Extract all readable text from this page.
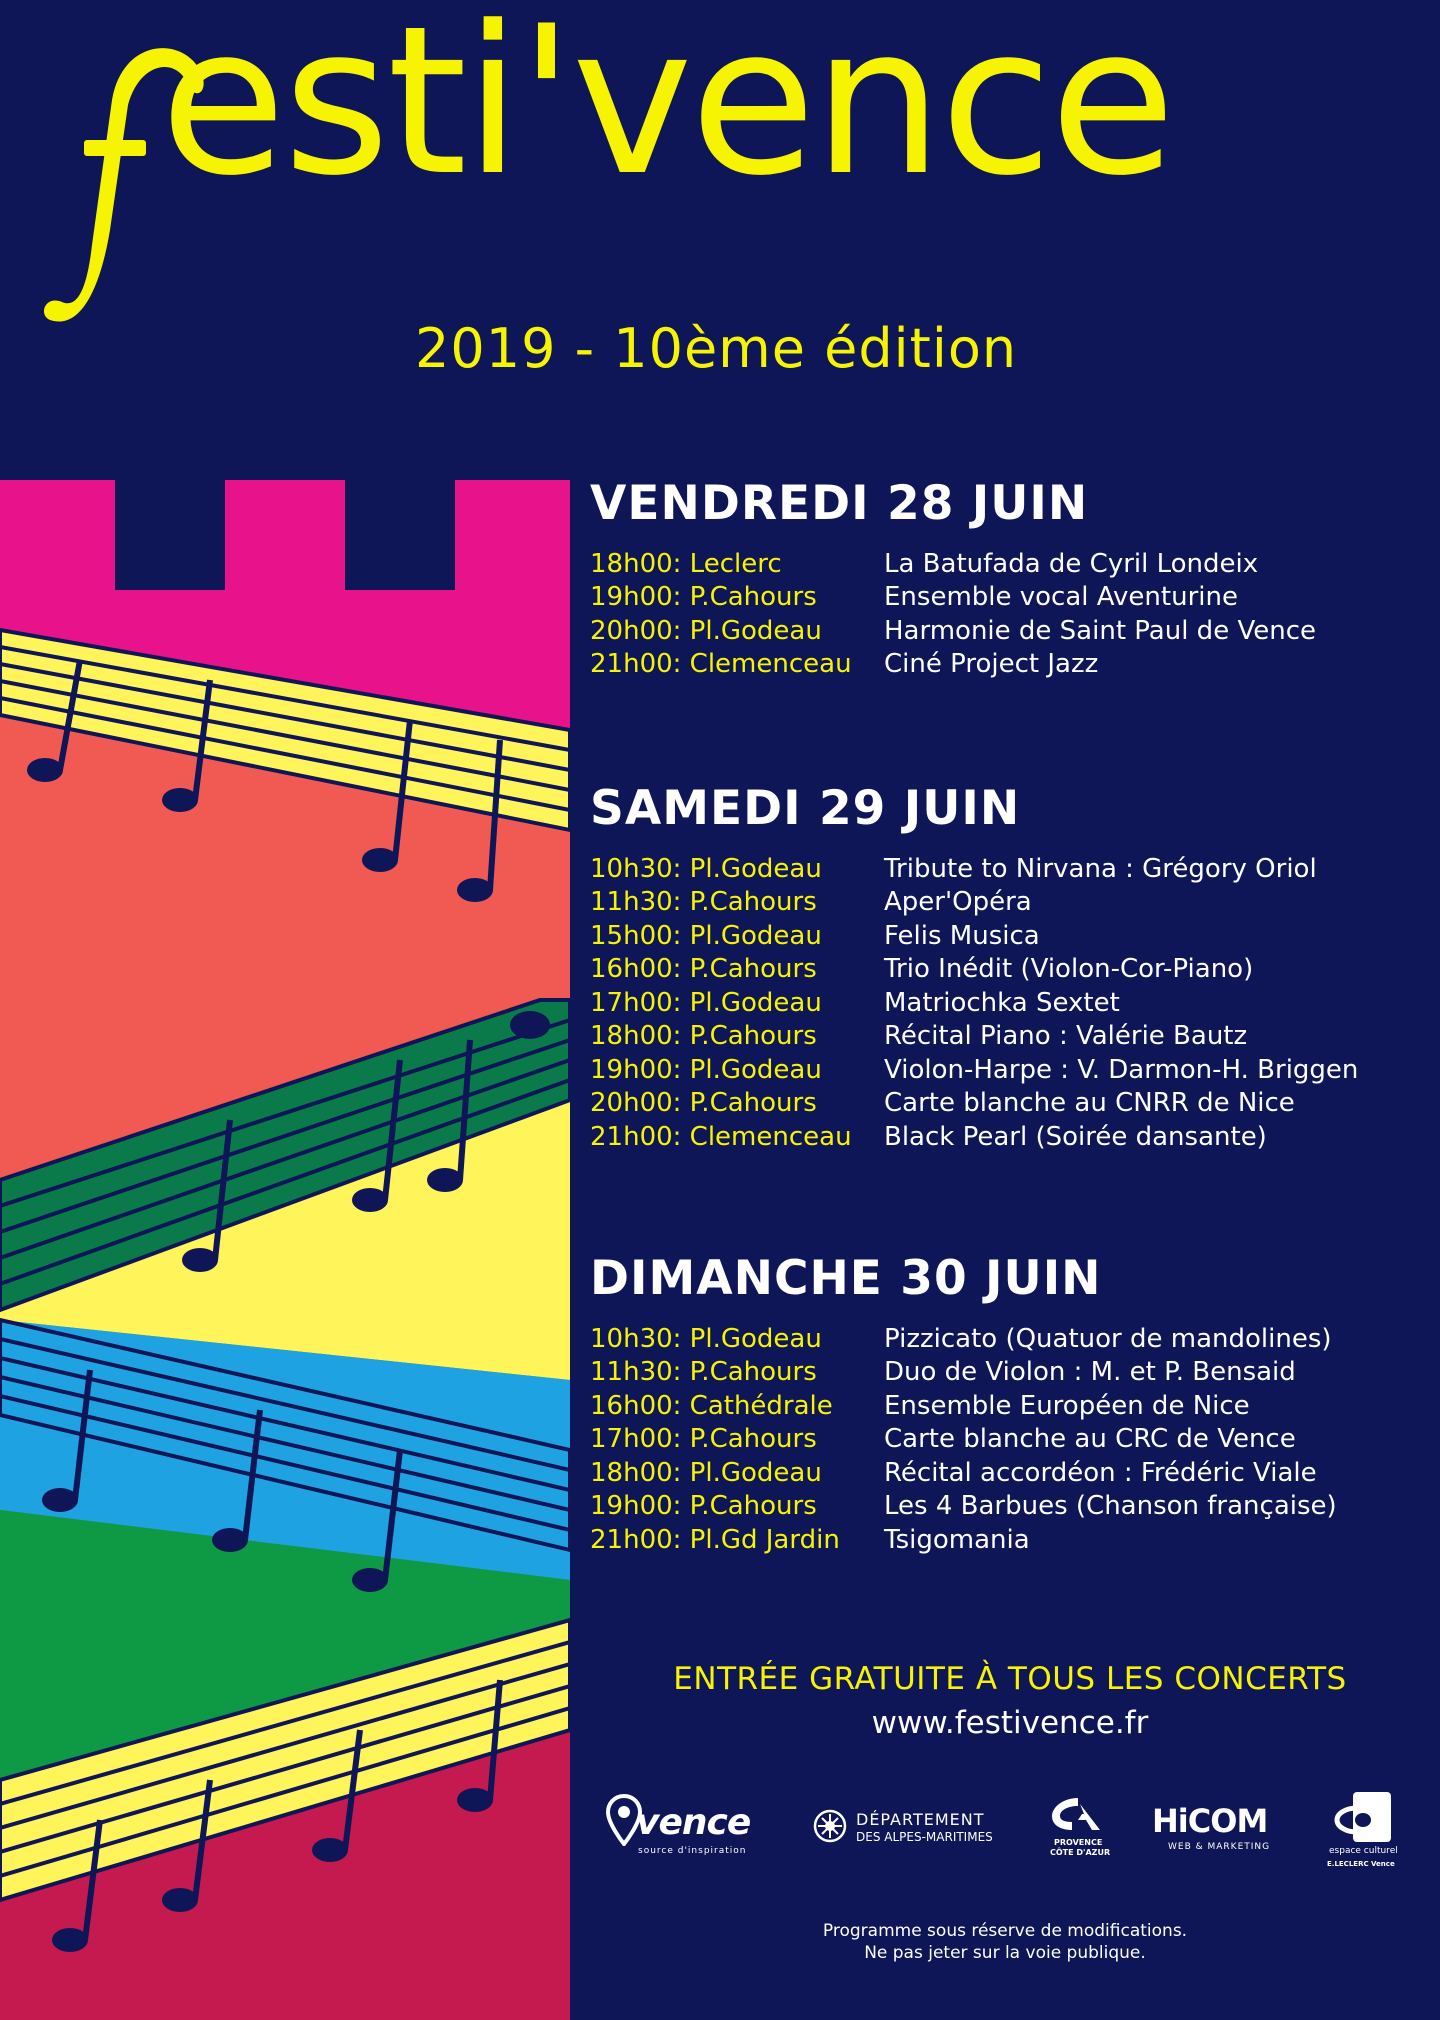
esti'vence
2019 - 10ème édition
VENDREDI 28 JUIN
18h00: Leclerc	La Batufada de Cyril Londeix
19h00: P.Cahours	Ensemble vocal Aventurine
20h00: Pl.Godeau	Harmonie de Saint Paul de Vence
21h00: Clemenceau	Ciné Project Jazz
SAMEDI 29 JUIN
10h30: Pl.Godeau	Tribute to Nirvana : Grégory Oriol
11h30: P.Cahours	Aper'Opéra
15h00: Pl.Godeau	Felis Musica
16h00: P.Cahours	Trio Inédit (Violon-Cor-Piano)
17h00: Pl.Godeau	Matriochka Sextet
18h00: P.Cahours	Récital Piano : Valérie Bautz
19h00: Pl.Godeau	Violon-Harpe : V. Darmon-H. Briggen
20h00: P.Cahours	Carte blanche au CNRR de Nice
21h00: Clemenceau	Black Pearl (Soirée dansante)
DIMANCHE 30 JUIN
10h30: Pl.Godeau	Pizzicato (Quatuor de mandolines)
11h30: P.Cahours	Duo de Violon : M. et P. Bensaid
16h00: Cathédrale	Ensemble Européen de Nice
17h00: P.Cahours	Carte blanche au CRC de Vence
18h00: Pl.Godeau	Récital accordéon : Frédéric Viale
19h00: P.Cahours	Les 4 Barbues (Chanson française)
21h00: Pl.Gd Jardin	Tsigomania
ENTRÉE GRATUITE À TOUS LES CONCERTS
www.festivence.fr
vence
source d'inspiration
DÉPARTEMENT
DES ALPES-MARITIMES	PROVENCE
CÔTE D'AZUR
HiCOM
WEB & MARKETING	espace culturel
E.LECLERC Vence
Programme sous réserve de modifications.
Ne pas jeter sur la voie publique.
